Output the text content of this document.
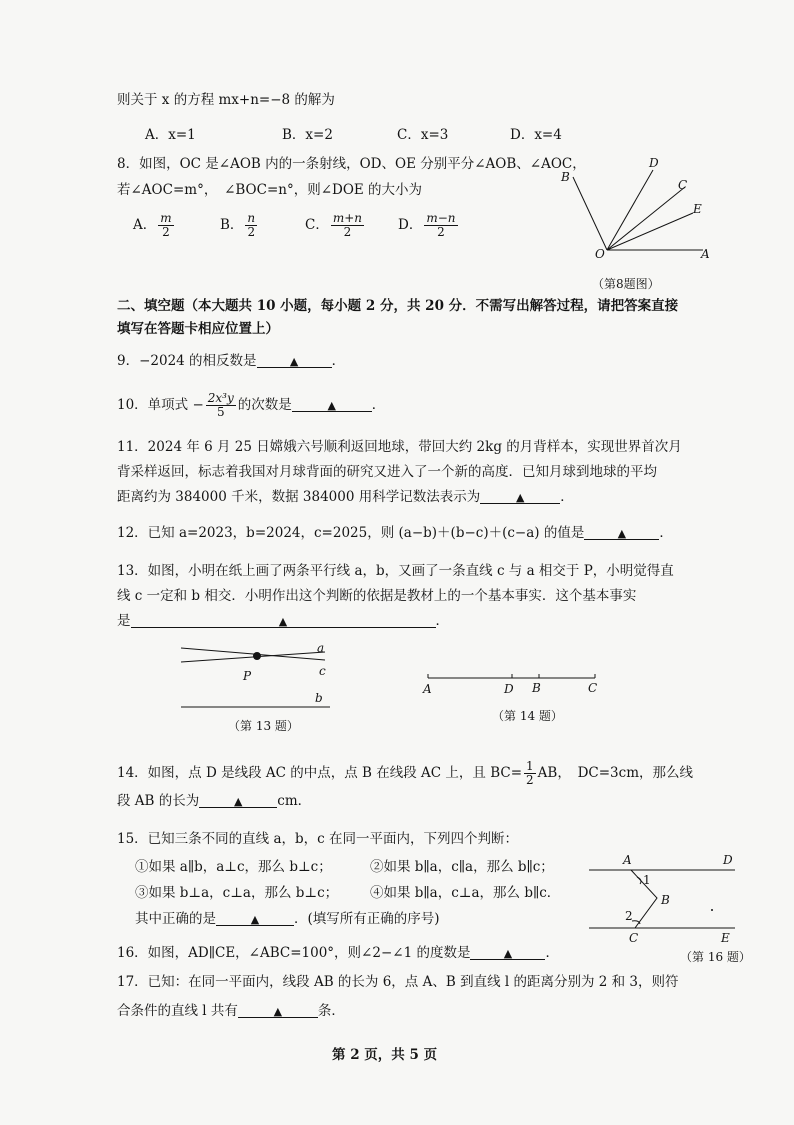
则关于 x 的方程 mx+n=−8 的解为
A．x=1	B．x=2	C．x=3	D．x=4
8．如图，OC 是∠AOB 内的一条射线，OD、OE 分别平分∠AOB、∠AOC，
若∠AOC=m°，　∠BOC=n°，则∠DOE 的大小为
A． $\frac{m}{2}$	B． $\frac{n}{2}$	C． $\frac{m+n}{2}$	D． $\frac{m-n}{2}$
B
D
C
E
O	A
（第8题图）
二、填空题（本大题共 10 小题，每小题 2 分，共 20 分．不需写出解答过程，请把答案直接
填写在答题卡相应位置上）
9．−2024 的相反数是	▲ ．
10．单项式 − $\frac{\text{2x³y}}{5}$ 的次数是	▲	．
11．2024 年 6 月 25 日嫦娥六号顺利返回地球，带回大约 2kg 的月背样本，实现世界首次月
背采样返回，标志着我国对月球背面的研究又进入了一个新的高度．已知月球到地球的平均
距离约为 384000 千米，数据 384000 用科学记数法表示为	▲	．
12．已知 a=2023，b=2024，c=2025，则 (a−b)＋(b−c)＋(c−a) 的值是	▲ ．
13．如图，小明在纸上画了两条平行线 a，b，又画了一条直线 c 与 a 相交于 P，小明觉得直
线 c 一定和 b 相交．小明作出这个判断的依据是教材上的一个基本事实．这个基本事实
是	▲	．
a
c
P
b
（第 13 题）
A	D B	C
（第 14 题）
14．如图，点 D 是线段 AC 的中点，点 B 在线段 AC 上，且 $BC= \frac{1}{2}$ AB，　DC=3cm，那么线
段 AB 的长为	▲	cm．
15．已知三条不同的直线 a，b，c 在同一平面内，下列四个判断：
①如果 a∥b，a⊥c，那么 b⊥c；	②如果 b∥a，c∥a，那么 b∥c；
③如果 b⊥a，c⊥a，那么 b⊥c； ④如果 b∥a，c⊥a，那么 b∥c．
其中正确的是	▲	．(填写所有正确的序号)
A	D
1
B
2
C	E
（第 16 题）
16．如图，AD∥CE，∠ABC=100°，则∠2−∠1 的度数是	▲ ．
17．已知：在同一平面内，线段 AB 的长为 6，点 A、B 到直线 l 的距离分别为 2 和 3，则符
合条件的直线 l 共有	▲	条．
第 2 页，共 5 页
